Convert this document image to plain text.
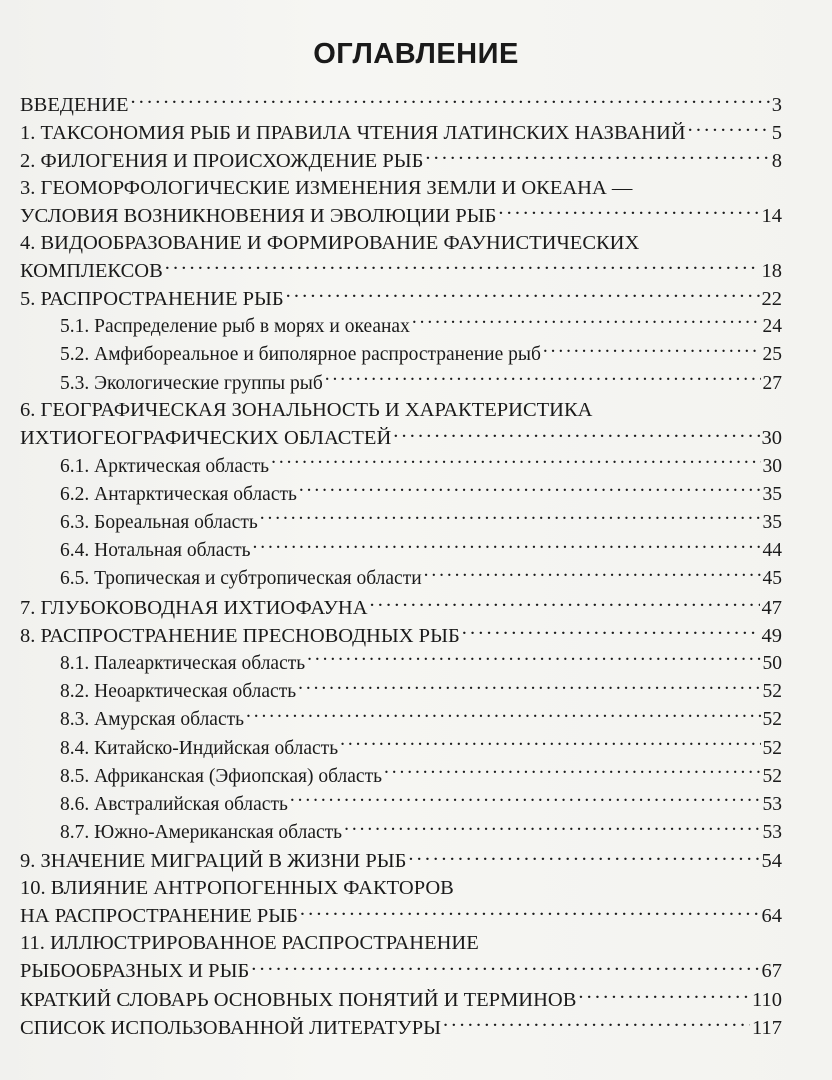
ОГЛАВЛЕНИЕ
ВВЕДЕНИЕ . . .	3
1. ТАКСОНОМИЯ РЫБ И ПРАВИЛА ЧТЕНИЯ ЛАТИНСКИХ НАЗВАНИЙ . . .	5
2. ФИЛОГЕНИЯ И ПРОИСХОЖДЕНИЕ РЫБ . . .	8
3. ГЕОМОРФОЛОГИЧЕСКИЕ ИЗМЕНЕНИЯ ЗЕМЛИ И ОКЕАНА —
УСЛОВИЯ ВОЗНИКНОВЕНИЯ И ЭВОЛЮЦИИ РЫБ . . .	14
4. ВИДООБРАЗОВАНИЕ И ФОРМИРОВАНИЕ ФАУНИСТИЧЕСКИХ
КОМПЛЕКСОВ . . .	18
5. РАСПРОСТРАНЕНИЕ РЫБ . . .	22
5.1. Распределение рыб в морях и океанах . . .	24
5.2. Амфибореальное и биполярное распространение рыб . . .	25
5.3. Экологические группы рыб . . .	27
6. ГЕОГРАФИЧЕСКАЯ ЗОНАЛЬНОСТЬ И ХАРАКТЕРИСТИКА
ИХТИОГЕОГРАФИЧЕСКИХ ОБЛАСТЕЙ . . .	30
6.1. Арктическая область . . .	30
6.2. Антарктическая область . . .	35
6.3. Бореальная область . . .	35
6.4. Нотальная область . . .	44
6.5. Тропическая и субтропическая области . . .	45
7. ГЛУБОКОВОДНАЯ ИХТИОФАУНА . . .	47
8. РАСПРОСТРАНЕНИЕ ПРЕСНОВОДНЫХ РЫБ . . .	49
8.1. Палеарктическая область . . .	50
8.2. Неоарктическая область . . .	52
8.3. Амурская область . . .	52
8.4. Китайско-Индийская область . . .	52
8.5. Африканская (Эфиопская) область . . .	52
8.6. Австралийская область . . .	53
8.7. Южно-Американская область . . .	53
9. ЗНАЧЕНИЕ МИГРАЦИЙ В ЖИЗНИ РЫБ . . .	54
10. ВЛИЯНИЕ АНТРОПОГЕННЫХ ФАКТОРОВ
НА РАСПРОСТРАНЕНИЕ РЫБ . . .	64
11. ИЛЛЮСТРИРОВАННОЕ РАСПРОСТРАНЕНИЕ
РЫБООБРАЗНЫХ И РЫБ . . .	67
КРАТКИЙ СЛОВАРЬ ОСНОВНЫХ ПОНЯТИЙ И ТЕРМИНОВ . . .	110
СПИСОК ИСПОЛЬЗОВАННОЙ ЛИТЕРАТУРЫ . . .	117
